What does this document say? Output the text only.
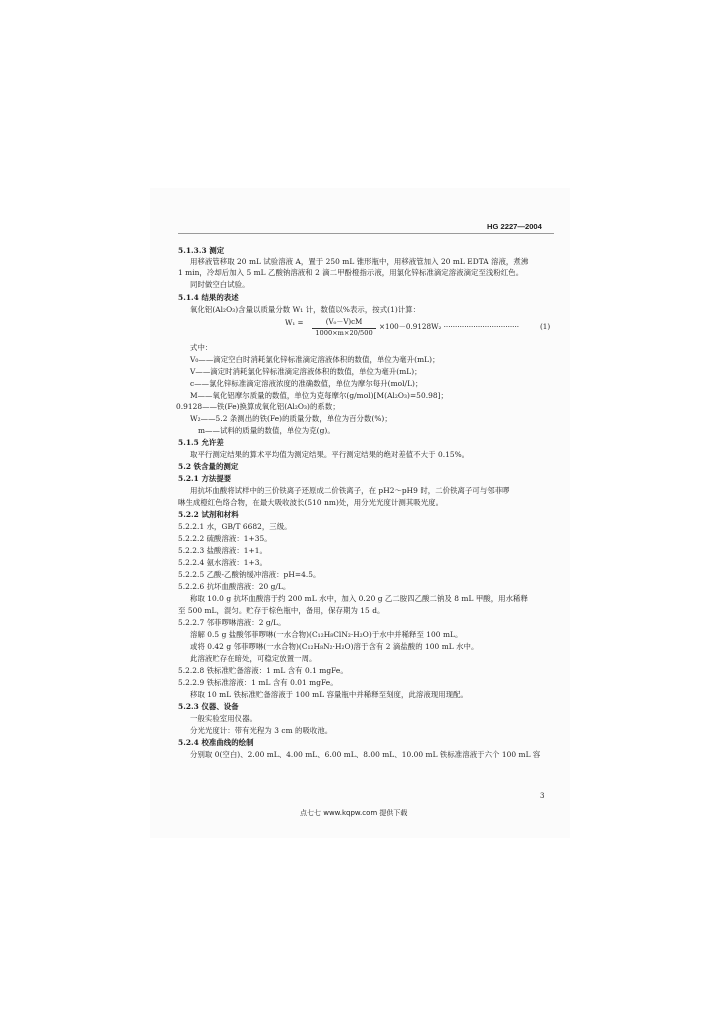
HG 2227—2004
5.1.3.3 测定
用移液管移取 20 mL 试验溶液 A，置于 250 mL 锥形瓶中，用移液管加入 20 mL EDTA 溶液，煮沸
1 min，冷却后加入 5 mL 乙酸钠溶液和 2 滴二甲酚橙指示液，用氯化锌标准滴定溶液滴定至浅粉红色。
同时做空白试验。
5.1.4 结果的表述
氧化铝(Al₂O₃)含量以质量分数 W₁ 计，数值以%表示，按式(1)计算：
式中：
V₀——滴定空白时消耗氯化锌标准滴定溶液体积的数值，单位为毫升(mL)；
V——滴定时消耗氯化锌标准滴定溶液体积的数值，单位为毫升(mL)；
c——氯化锌标准滴定溶液浓度的准确数值，单位为摩尔每升(mol/L)；
M——氧化铝摩尔质量的数值，单位为克每摩尔(g/mol)[M(Al₂O₃)=50.98]；
0.9128——铁(Fe)换算成氧化铝(Al₂O₃)的系数；
W₂——5.2 条测出的铁(Fe)的质量分数，单位为百分数(%)；
m——试料的质量的数值，单位为克(g)。
5.1.5 允许差
取平行测定结果的算术平均值为测定结果。平行测定结果的绝对差值不大于 0.15%。
5.2 铁含量的测定
5.2.1 方法提要
用抗坏血酸将试样中的三价铁离子还原成二价铁离子，在 pH2～pH9 时，二价铁离子可与邻菲啰
啉生成橙红色络合物，在最大吸收波长(510 nm)处，用分光光度计测其吸光度。
5.2.2 试剂和材料
5.2.2.1 水，GB/T 6682，三级。
5.2.2.2 硫酸溶液：1+35。
5.2.2.3 盐酸溶液：1+1。
5.2.2.4 氨水溶液：1+3。
5.2.2.5 乙酸-乙酸钠缓冲溶液：pH=4.5。
5.2.2.6 抗坏血酸溶液：20 g/L。
称取 10.0 g 抗坏血酸溶于约 200 mL 水中，加入 0.20 g 乙二胺四乙酸二钠及 8 mL 甲酸，用水稀释
至 500 mL，混匀。贮存于棕色瓶中，备用，保存期为 15 d。
5.2.2.7 邻菲啰啉溶液：2 g/L。
溶解 0.5 g 盐酸邻菲啰啉(一水合物)(C₁₂H₈ClN₂·H₂O)于水中并稀释至 100 mL。
或将 0.42 g 邻菲啰啉(一水合物)(C₁₂H₈N₂·H₂O)溶于含有 2 滴盐酸的 100 mL 水中。
此溶液贮存在暗处，可稳定放置一周。
5.2.2.8 铁标准贮备溶液：1 mL 含有 0.1 mgFe。
5.2.2.9 铁标准溶液：1 mL 含有 0.01 mgFe。
移取 10 mL 铁标准贮备溶液于 100 mL 容量瓶中并稀释至刻度，此溶液现用现配。
5.2.3 仪器、设备
一般实验室用仪器。
分光光度计：带有光程为 3 cm 的吸收池。
5.2.4 校准曲线的绘制
分别取 0(空白)、2.00 mL、4.00 mL、6.00 mL、8.00 mL、10.00 mL 铁标准溶液于六个 100 mL 容
W₁ =	(V₀－V)cM
1000×m×20/500
×100－0.9128W₂ ·································	(1)
3
点七七 www.kqpw.com 提供下载
